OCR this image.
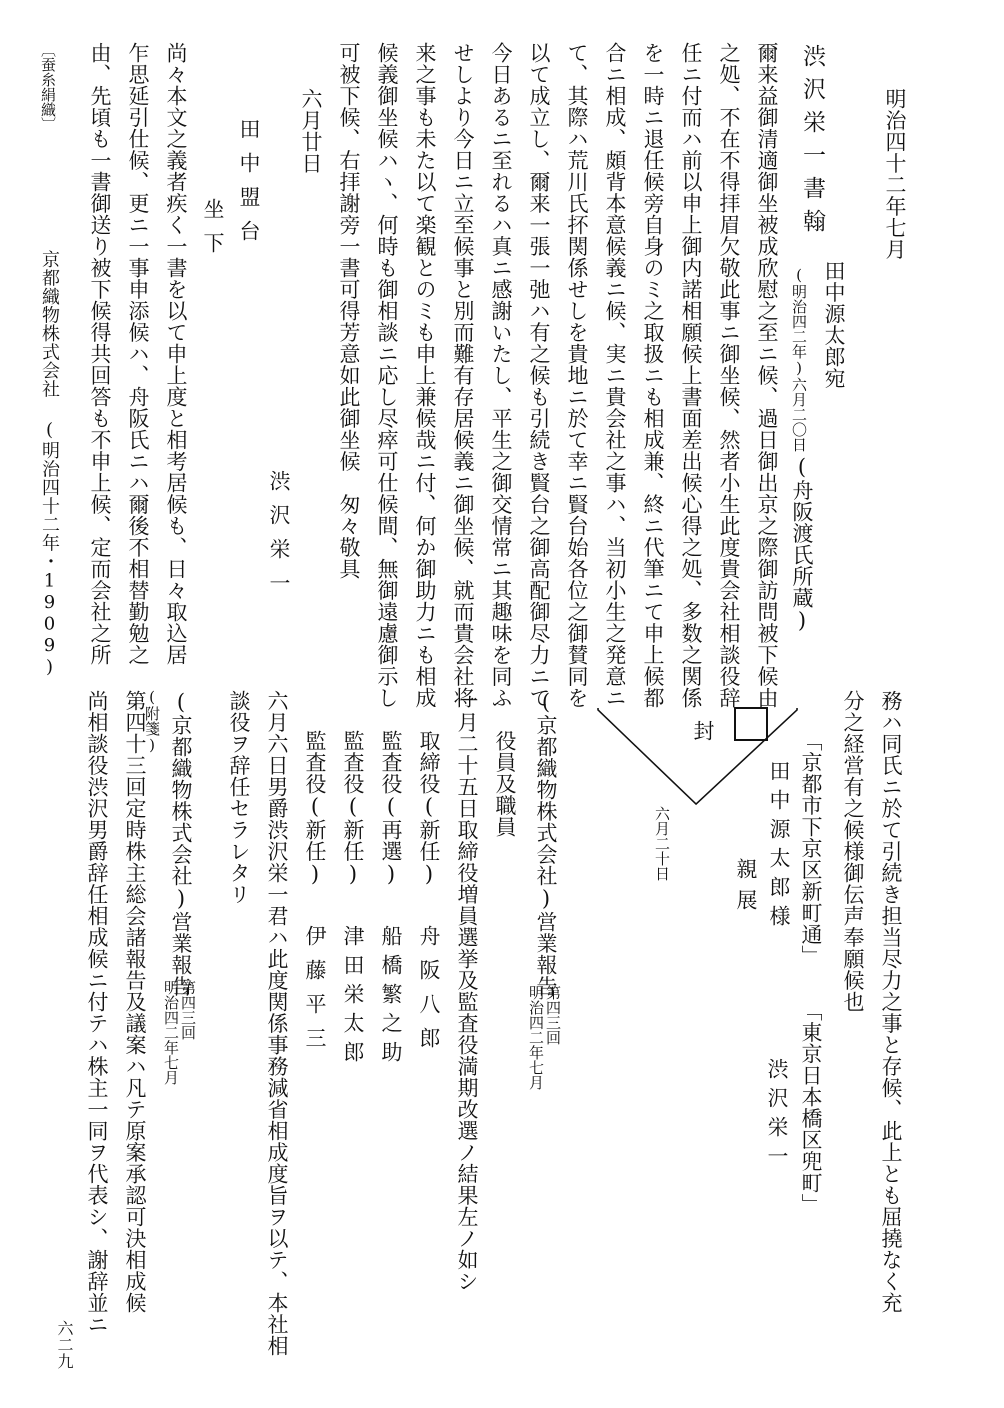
明治四十二年七月
渋沢栄一書翰
田中源太郎宛
(明治四二年)六月二〇日
(舟阪渡氏所蔵)
爾来益御清適御坐被成欣慰之至ニ候、過日御出京之際御訪問被下候由
之処、不在不得拝眉欠敬此事ニ御坐候、然者小生此度貴会社相談役辞
任ニ付而ハ前以申上御内諾相願候上書面差出候心得之処、多数之関係
を一時ニ退任候旁自身のミ之取扱ニも相成兼、終ニ代筆ニて申上候都
合ニ相成、頗背本意候義ニ候、実ニ貴会社之事ハ、当初小生之発意ニ
て、其際ハ荒川氏抔関係せしを貴地ニ於て幸ニ賢台始各位之御賛同を
以て成立し、爾来一張一弛ハ有之候も引続き賢台之御高配御尽力ニて
今日あるニ至れるハ真ニ感謝いたし、平生之御交情常ニ其趣味を同ふ
せしより今日ニ立至候事と別而難有存居候義ニ御坐候、就而貴会社将
来之事も未た以て楽観とのミも申上兼候哉ニ付、何か御助力ニも相成
候義御坐候ハヽ、何時も御相談ニ応し尽瘁可仕候間、無御遠慮御示し
可被下候、右拝謝旁一書可得芳意如此御坐候　匆々敬具
六月廿日
渋沢栄一
田中盟台
坐下
尚々本文之義者疾く一書を以て申上度と相考居候も、日々取込居
乍思延引仕候、更ニ一事申添候ハ、舟阪氏ニハ爾後不相替勤勉之
由、先頃も一書御送り被下候得共回答も不申上候、定而会社之所
〔蚕糸絹織〕
京都織物株式会社 (明治四十二年・1909)
務ハ同氏ニ於て引続き担当尽力之事と存候、此上とも屈撓なく充
分之経営有之候様御伝声奉願候也
封
六月二十日	「京都市下京区新町通」
田中源太郎様
親展
「東京日本橋区兜町」
渋沢栄一
(京都織物株式会社)営業報告
第四三回
明治四二年七月
役員及職員
一月二十五日取締役増員選挙及監査役満期改選ノ結果左ノ如シ
取締役(新任)
舟阪八郎
監査役(再選)
船橋繁之助
監査役(新任)
津田栄太郎
監査役(新任)
伊藤平三
六月六日男爵渋沢栄一君ハ此度関係事務減省相成度旨ヲ以テ、本社相
談役ヲ辞任セラレタリ
(京都織物株式会社)営業報告
第四三回
明治四二年七月
(附箋)
第四十三回定時株主総会諸報告及議案ハ凡テ原案承認可決相成候
尚相談役渋沢男爵辞任相成候ニ付テハ株主一同ヲ代表シ、謝辞並ニ
六二九
